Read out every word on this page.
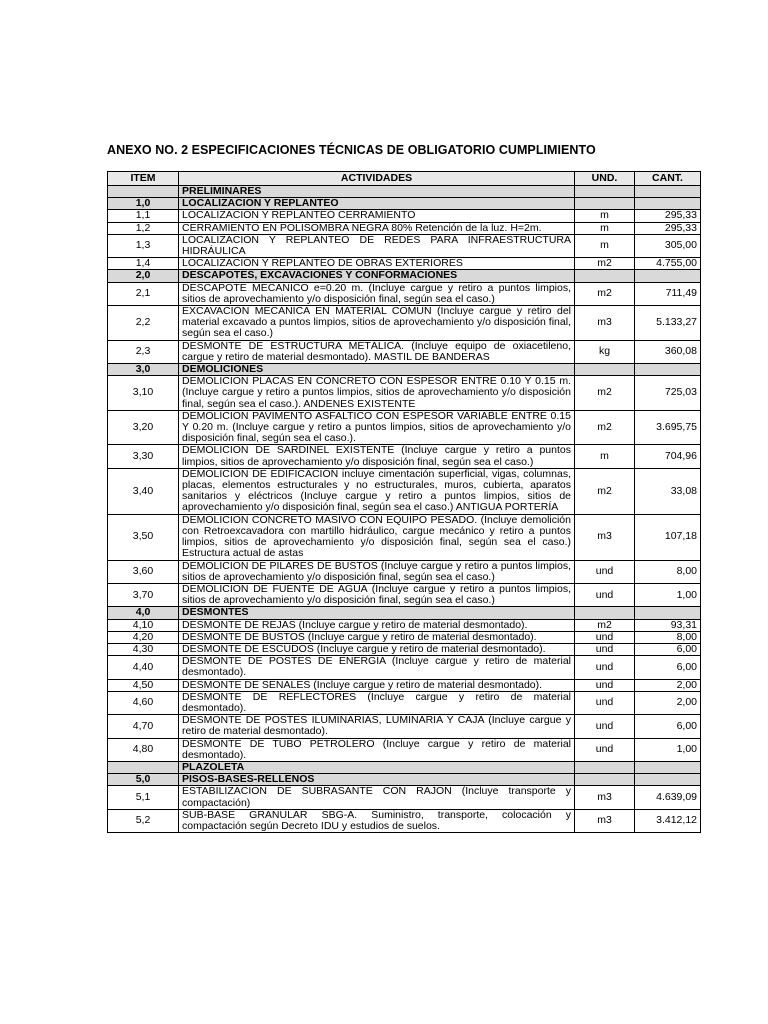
ANEXO NO. 2 ESPECIFICACIONES TÉCNICAS DE OBLIGATORIO CUMPLIMIENTO
ITEM	ACTIVIDADES	UND.	CANT.
	PRELIMINARES		
1,0	LOCALIZACION Y REPLANTEO		
1,1	LOCALIZACIÓN Y REPLANTEO CERRAMIENTO	m	295,33
1,2	CERRAMIENTO EN POLISOMBRA NEGRA 80% Retención de la luz. H=2m.	m	295,33
1,3	LOCALIZACION Y REPLANTEO DE REDES PARA INFRAESTRUCTURA HIDRÁULICA	m	305,00
1,4	LOCALIZACIÓN Y REPLANTEO DE OBRAS EXTERIORES	m2	4.755,00
2,0	DESCAPOTES, EXCAVACIONES Y CONFORMACIONES		
2,1	DESCAPOTE MECANICO e=0.20 m. (Incluye cargue y retiro a puntos limpios, sitios de aprovechamiento y/o disposición final, según sea el caso.)	m2	711,49
2,2	EXCAVACION MECANICA EN MATERIAL COMUN (Incluye cargue y retiro del material excavado a puntos limpios, sitios de aprovechamiento y/o disposición final, según sea el caso.)	m3	5.133,27
2,3	DESMONTE DE ESTRUCTURA METÁLICA. (Incluye equipo de oxiacetileno, cargue y retiro de material desmontado). MASTIL DE BANDERAS	kg	360,08
3,0	DEMOLICIONES		
3,10	DEMOLICION PLACAS EN CONCRETO CON ESPESOR ENTRE 0.10 Y 0.15 m. (Incluye cargue y retiro a puntos limpios, sitios de aprovechamiento y/o disposición final, según sea el caso.). ANDENES EXISTENTE	m2	725,03
3,20	DEMOLICION PAVIMENTO ASFALTICO CON ESPESOR VARIABLE ENTRE 0.15 Y 0.20 m. (Incluye cargue y retiro a puntos limpios, sitios de aprovechamiento y/o disposición final, según sea el caso.).	m2	3.695,75
3,30	DEMOLICION DE SARDINEL EXISTENTE (Incluye cargue y retiro a puntos limpios, sitios de aprovechamiento y/o disposición final, según sea el caso.)	m	704,96
3,40	DEMOLICIÓN DE EDIFICACIÓN incluye cimentación superficial, vigas, columnas, placas, elementos estructurales y no estructurales, muros, cubierta, aparatos sanitarios y eléctricos (Incluye cargue y retiro a puntos limpios, sitios de aprovechamiento y/o disposición final, según sea el caso.) ANTIGUA PORTERÍA	m2	33,08
3,50	DEMOLICION CONCRETO MASIVO CON EQUIPO PESADO. (Incluye demolición con Retroexcavadora con martillo hidráulico, cargue mecánico y retiro a puntos limpios, sitios de aprovechamiento y/o disposición final, según sea el caso.) Estructura actual de astas	m3	107,18
3,60	DEMOLICION DE PILARES DE BUSTOS (Incluye cargue y retiro a puntos limpios, sitios de aprovechamiento y/o disposición final, según sea el caso.)	und	8,00
3,70	DEMOLICION DE FUENTE DE AGUA (Incluye cargue y retiro a puntos limpios, sitios de aprovechamiento y/o disposición final, según sea el caso.)	und	1,00
4,0	DESMONTES		
4,10	DESMONTE DE REJAS (Incluye cargue y retiro de material desmontado).	m2	93,31
4,20	DESMONTE DE BUSTOS (Incluye cargue y retiro de material desmontado).	und	8,00
4,30	DESMONTE DE ESCUDOS (Incluye cargue y retiro de material desmontado).	und	6,00
4,40	DESMONTE DE POSTES DE ENERGIA (Incluye cargue y retiro de material desmontado).	und	6,00
4,50	DESMONTE DE SEÑALES (Incluye cargue y retiro de material desmontado).	und	2,00
4,60	DESMONTE DE REFLECTORES (Incluye cargue y retiro de material desmontado).	und	2,00
4,70	DESMONTE DE POSTES ILUMINARIAS, LUMINARIA Y CAJA (Incluye cargue y retiro de material desmontado).	und	6,00
4,80	DESMONTE DE TUBO PETROLERO (Incluye cargue y retiro de material desmontado).	und	1,00
	PLAZOLETA		
5,0	PISOS-BASES-RELLENOS		
5,1	ESTABILIZACION DE SUBRASANTE CON RAJON (Incluye transporte y compactación)	m3	4.639,09
5,2	SUB-BASE GRANULAR SBG-A. Suministro, transporte, colocación y compactación según Decreto IDU y estudios de suelos.	m3	3.412,12
